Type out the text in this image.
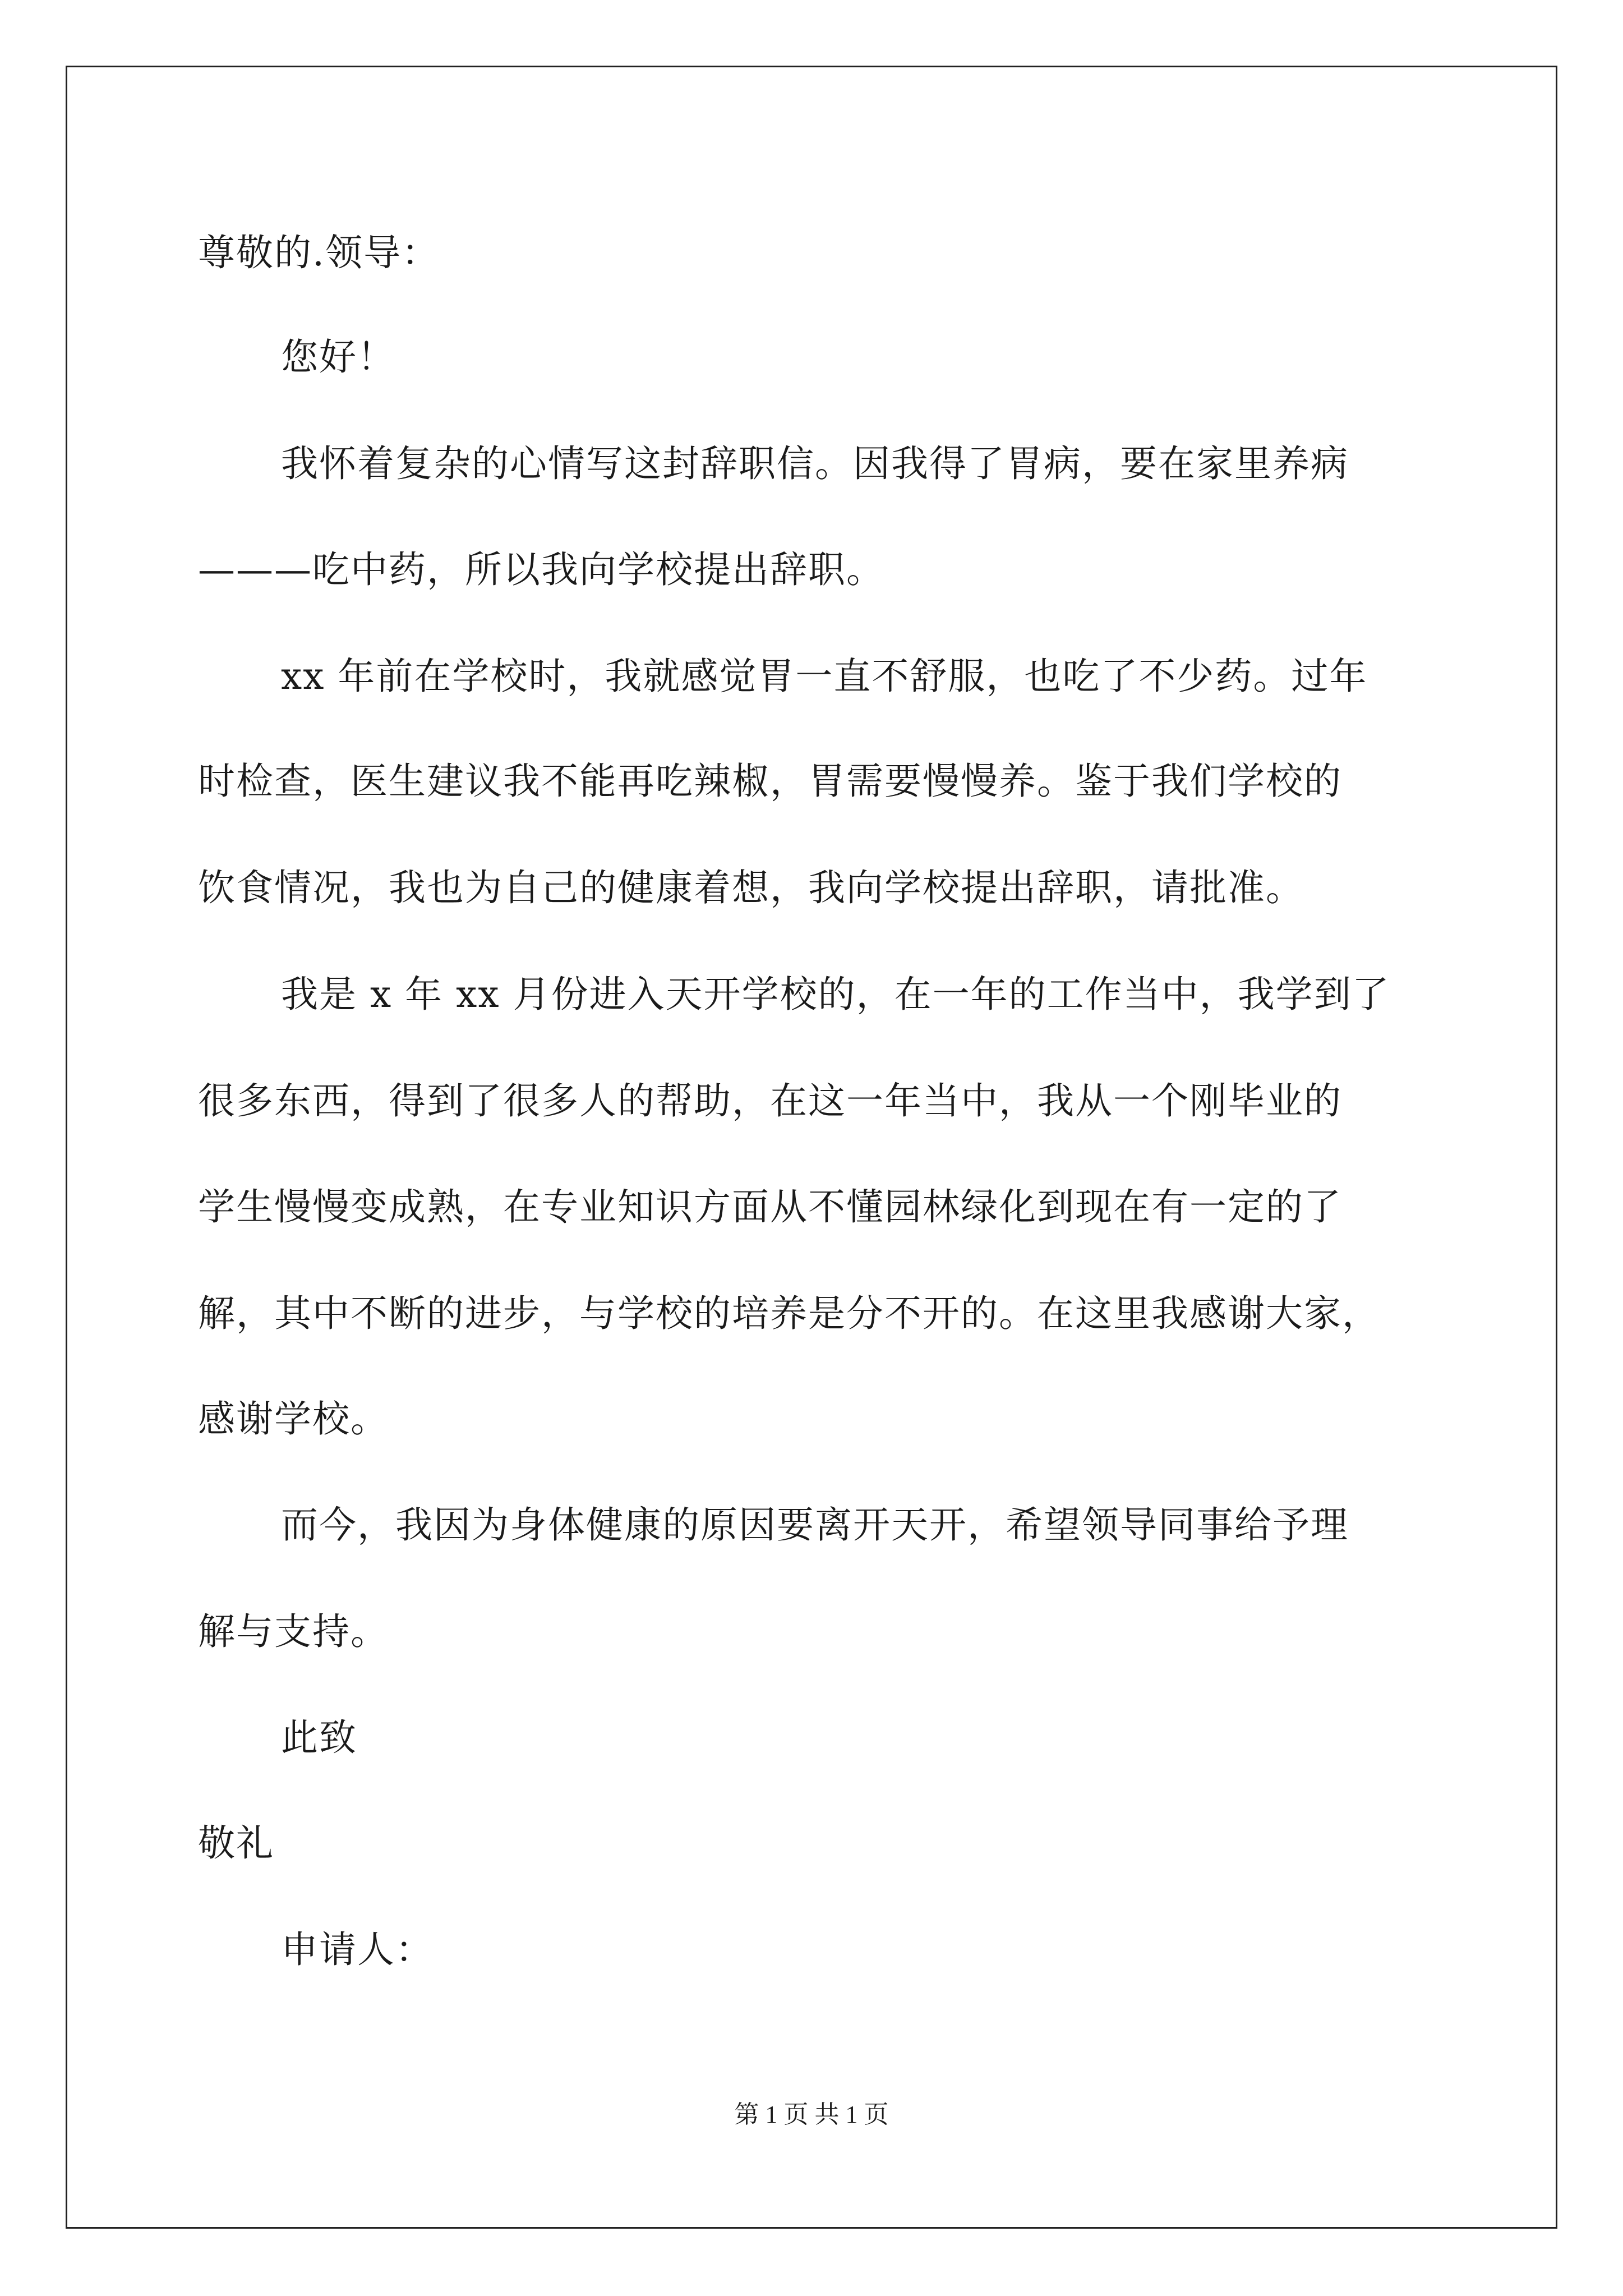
尊敬的.领导：
您好！
我怀着复杂的心情写这封辞职信。因我得了胃病，要在家里养病
———吃中药，所以我向学校提出辞职。
xx 年前在学校时，我就感觉胃一直不舒服，也吃了不少药。过年
时检查，医生建议我不能再吃辣椒，胃需要慢慢养。鉴于我们学校的
饮食情况，我也为自己的健康着想，我向学校提出辞职，请批准。
我是 x 年 xx 月份进入天开学校的，在一年的工作当中，我学到了
很多东西，得到了很多人的帮助，在这一年当中，我从一个刚毕业的
学生慢慢变成熟，在专业知识方面从不懂园林绿化到现在有一定的了
解，其中不断的进步，与学校的培养是分不开的。在这里我感谢大家，
感谢学校。
而今，我因为身体健康的原因要离开天开，希望领导同事给予理
解与支持。
此致
敬礼
申请人：
第 1 页 共 1 页
